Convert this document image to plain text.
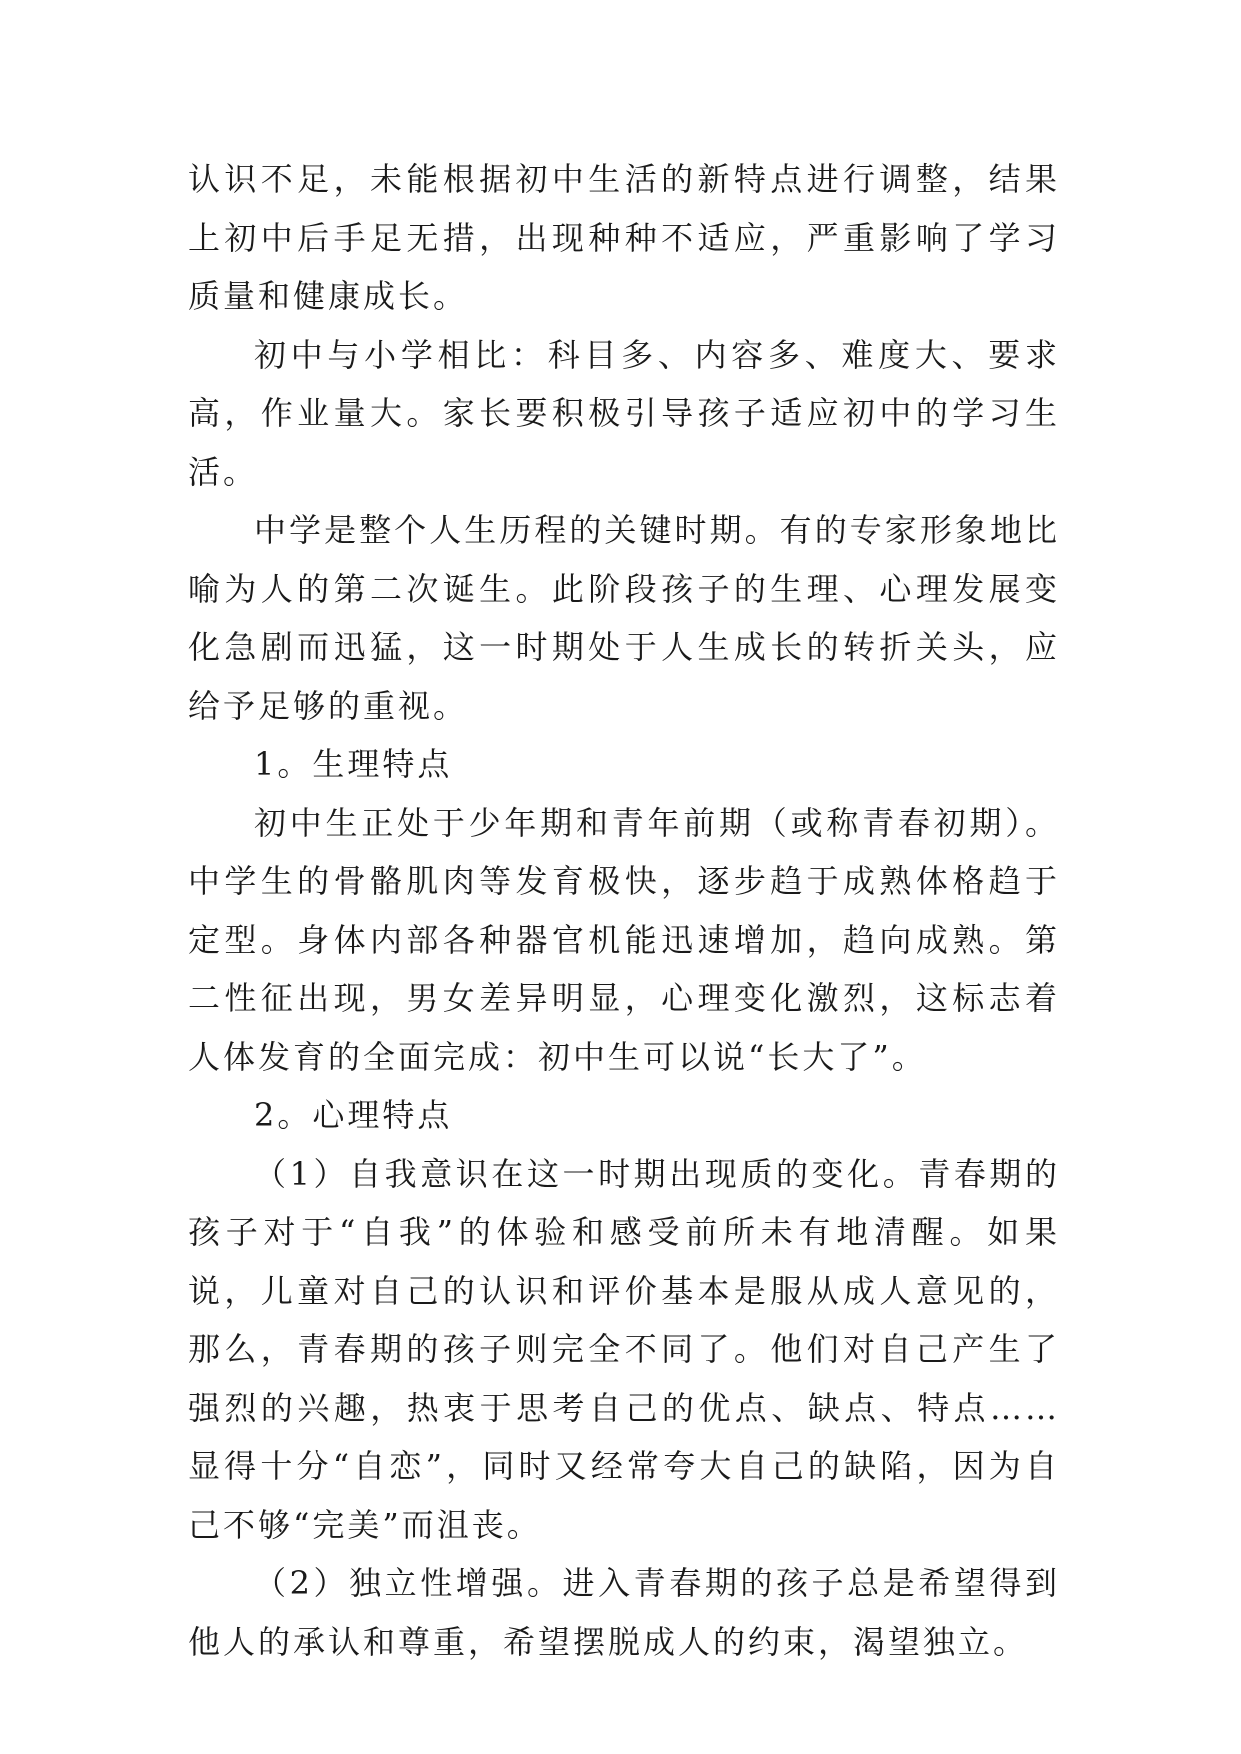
认识不足，未能根据初中生活的新特点进行调整，结果上初中后手足无措，出现种种不适应，严重影响了学习质量和健康成长。

初中与小学相比：科目多、内容多、难度大、要求高，作业量大。家长要积极引导孩子适应初中的学习生活。

中学是整个人生历程的关键时期。有的专家形象地比喻为人的第二次诞生。此阶段孩子的生理、心理发展变化急剧而迅猛，这一时期处于人生成长的转折关头，应给予足够的重视。

1。生理特点

初中生正处于少年期和青年前期（或称青春初期）。中学生的骨骼肌肉等发育极快，逐步趋于成熟体格趋于定型。身体内部各种器官机能迅速增加，趋向成熟。第二性征出现，男女差异明显，心理变化激烈，这标志着人体发育的全面完成：初中生可以说“长大了”。

2。心理特点

（1）自我意识在这一时期出现质的变化。青春期的孩子对于“自我”的体验和感受前所未有地清醒。如果说，儿童对自己的认识和评价基本是服从成人意见的，那么，青春期的孩子则完全不同了。他们对自己产生了强烈的兴趣，热衷于思考自己的优点、缺点、特点……显得十分“自恋”，同时又经常夸大自己的缺陷，因为自己不够“完美”而沮丧。

（2）独立性增强。进入青春期的孩子总是希望得到他人的承认和尊重，希望摆脱成人的约束，渴望独立。
